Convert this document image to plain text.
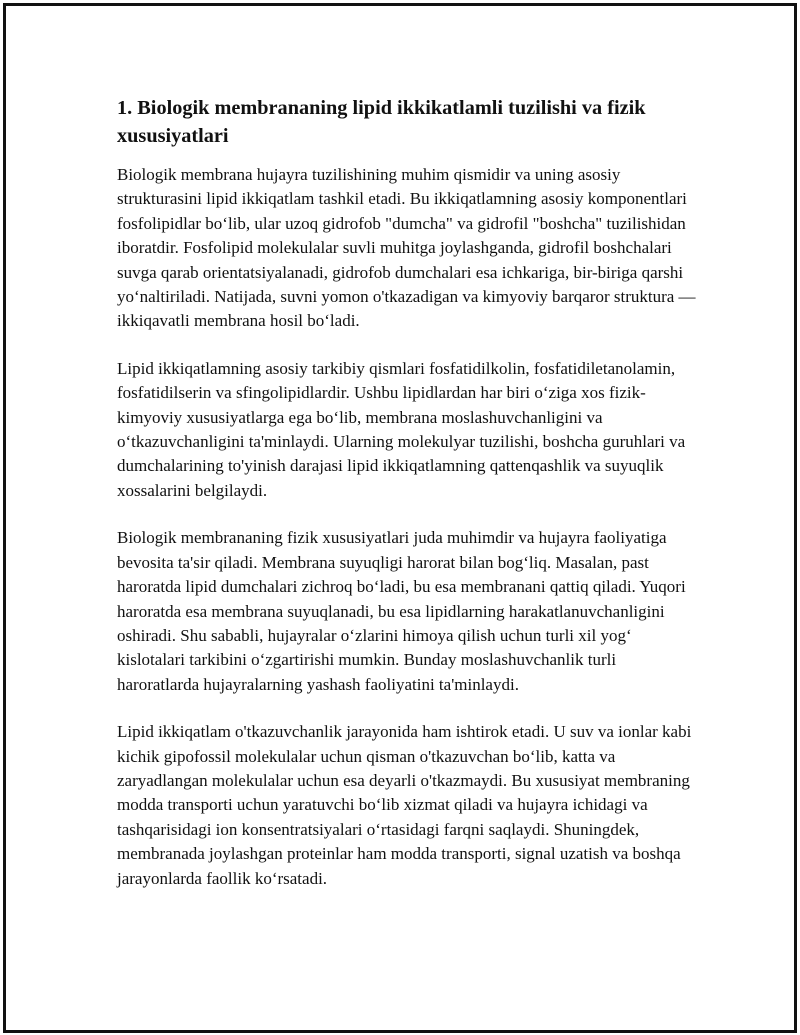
1. Biologik membrananing lipid ikkikatlamli tuzilishi va fizik xususiyatlari

Biologik membrana hujayra tuzilishining muhim qismidir va uning asosiy strukturasini lipid ikkiqatlam tashkil etadi. Bu ikkiqatlamning asosiy komponentlari fosfolipidlar bo‘lib, ular uzoq gidrofob "dumcha" va gidrofil "boshcha" tuzilishidan iboratdir. Fosfolipid molekulalar suvli muhitga joylashganda, gidrofil boshchalari suvga qarab orientatsiyalanadi, gidrofob dumchalari esa ichkariga, bir-biriga qarshi yo‘naltiriladi. Natijada, suvni yomon o'tkazadigan va kimyoviy barqaror struktura — ikkiqavatli membrana hosil bo‘ladi.

Lipid ikkiqatlamning asosiy tarkibiy qismlari fosfatidilkolin, fosfatidiletanolamin, fosfatidilserin va sfingolipidlardir. Ushbu lipidlardan har biri o‘ziga xos fizik-kimyoviy xususiyatlarga ega bo‘lib, membrana moslashuvchanligini va o‘tkazuvchanligini ta'minlaydi. Ularning molekulyar tuzilishi, boshcha guruhlari va dumchalarining to'yinish darajasi lipid ikkiqatlamning qattenqashlik va suyuqlik xossalarini belgilaydi.

Biologik membrananing fizik xususiyatlari juda muhimdir va hujayra faoliyatiga bevosita ta'sir qiladi. Membrana suyuqligi harorat bilan bog‘liq. Masalan, past haroratda lipid dumchalari zichroq bo‘ladi, bu esa membranani qattiq qiladi. Yuqori haroratda esa membrana suyuqlanadi, bu esa lipidlarning harakatlanuvchanligini oshiradi. Shu sababli, hujayralar o‘zlarini himoya qilish uchun turli xil yog‘ kislotalari tarkibini o‘zgartirishi mumkin. Bunday moslashuvchanlik turli haroratlarda hujayralarning yashash faoliyatini ta'minlaydi.

Lipid ikkiqatlam o'tkazuvchanlik jarayonida ham ishtirok etadi. U suv va ionlar kabi kichik gipofossil molekulalar uchun qisman o'tkazuvchan bo‘lib, katta va zaryadlangan molekulalar uchun esa deyarli o'tkazmaydi. Bu xususiyat membraning modda transporti uchun yaratuvchi bo‘lib xizmat qiladi va hujayra ichidagi va tashqarisidagi ion konsentratsiyalari o‘rtasidagi farqni saqlaydi. Shuningdek, membranada joylashgan proteinlar ham modda transporti, signal uzatish va boshqa jarayonlarda faollik ko‘rsatadi.
